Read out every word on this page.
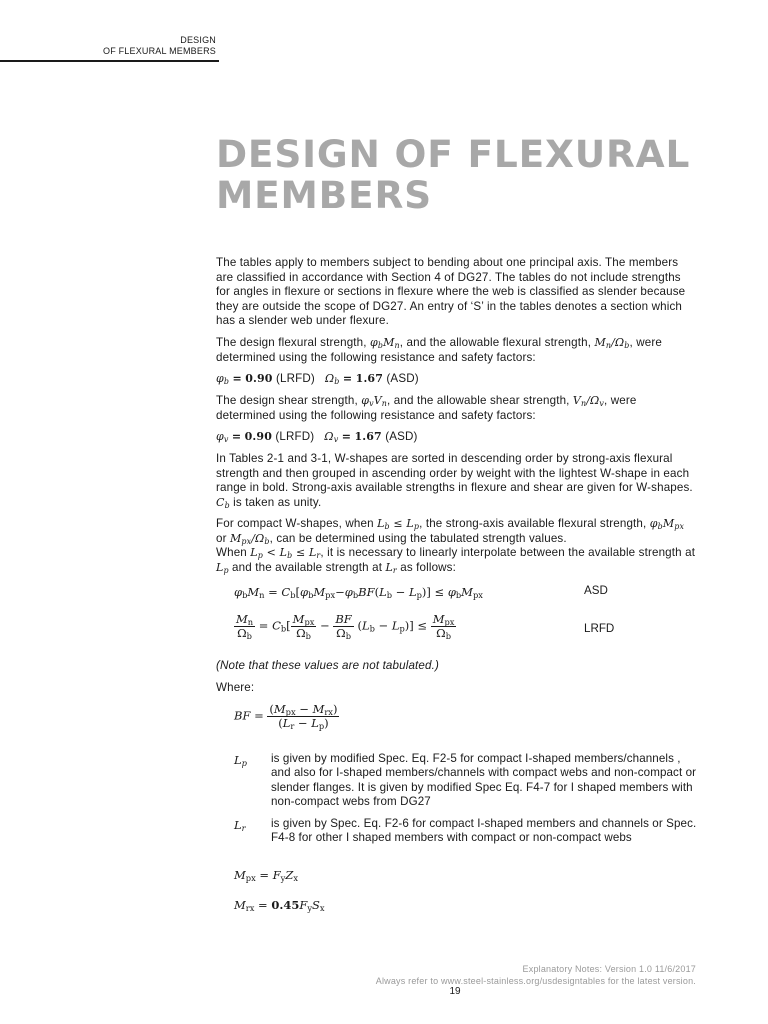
DESIGN
OF FLEXURAL MEMBERS
DESIGN OF FLEXURAL MEMBERS
The tables apply to members subject to bending about one principal axis. The members are classified in accordance with Section 4 of DG27. The tables do not include strengths for angles in flexure or sections in flexure where the web is classified as slender because they are outside the scope of DG27. An entry of ‘S’ in the tables denotes a section which has a slender web under flexure.
The design flexural strength, $\varphi_bM_n$, and the allowable flexural strength, $M_n/\Omega_b$, were determined using the following resistance and safety factors:
$\varphi_b = 0.90$ (LRFD) $\Omega_b = 1.67$ (ASD)
The design shear strength, $\varphi_vV_n$, and the allowable shear strength, $V_n/\Omega_v$, were determined using the following resistance and safety factors:
$\varphi_v = 0.90$ (LRFD) $\Omega_v = 1.67$ (ASD)
In Tables 2-1 and 3-1, W-shapes are sorted in descending order by strong-axis flexural strength and then grouped in ascending order by weight with the lightest W-shape in each range in bold. Strong-axis available strengths in flexure and shear are given for W-shapes. $C_b$ is taken as unity.
For compact W-shapes, when $L_b \le L_p$, the strong-axis available flexural strength, $\varphi_bM_{px}$ or $M_{px}/\Omega_b$, can be determined using the tabulated strength values.
When $L_p < L_b \le L_r$, it is necessary to linearly interpolate between the available strength at $L_p$ and the available strength at $L_r$ as follows:
$\varphi_bM_n = C_b[\varphi_bM_{px}-\varphi_bBF(L_b - L_p)] \le \varphi_bM_{px}$	ASD
$\frac{M_n}{\Omega_b} = C_b[ \frac{M_{px}}{\Omega_b} - \frac{BF}{\Omega_b} (L_b - L_p)] \le \frac{M_{px}}{\Omega_b}$	LRFD
(Note that these values are not tabulated.)
Where:
BF = $\frac{(M_{px} - M_{rx})}{(L_r - L_p)}$
$L_p$ is given by modified Spec. Eq. F2-5 for compact I-shaped members/channels , and also for I-shaped members/channels with compact webs and non-compact or slender flanges. It is given by modified Spec Eq. F4-7 for I shaped members with non-compact webs from DG27
$L_r$ is given by Spec. Eq. F2-6 for compact I-shaped members and channels or Spec. F4-8 for other I shaped members with compact or non-compact webs
$M_{px} = F_yZ_x$
$M_{rx} = 0.45F_yS_x$
Explanatory Notes: Version 1.0 11/6/2017
Always refer to www.steel-stainless.org/usdesigntables for the latest version.
19
